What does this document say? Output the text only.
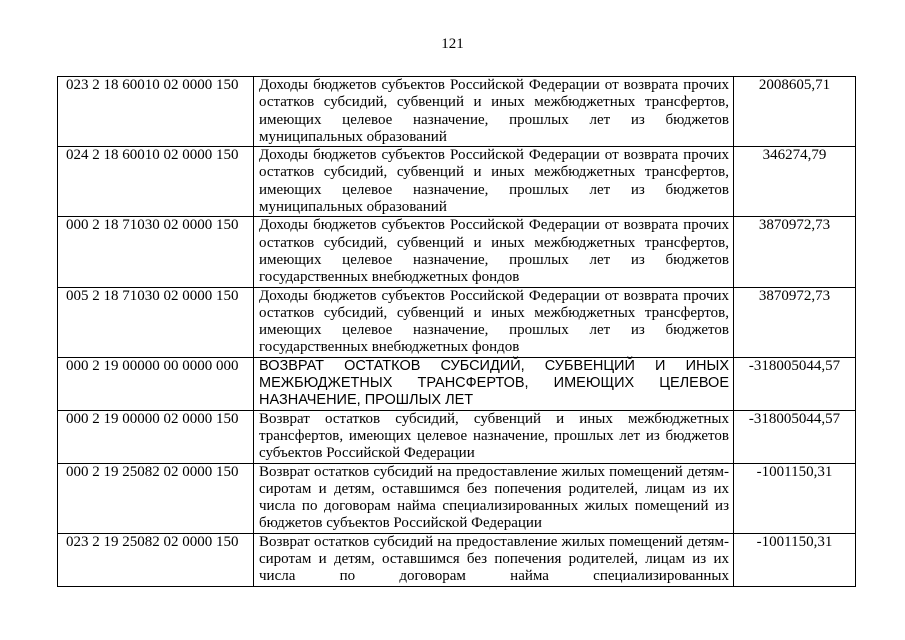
121
023 2 18 60010 02 0000 150	Доходы бюджетов субъектов Российской Федерации от возврата прочих остатков субсидий, субвенций и иных межбюджетных трансфертов, имеющих целевое назначение, прошлых лет из бюджетов муниципальных образований	2008605,71
024 2 18 60010 02 0000 150	Доходы бюджетов субъектов Российской Федерации от возврата прочих остатков субсидий, субвенций и иных межбюджетных трансфертов, имеющих целевое назначение, прошлых лет из бюджетов муниципальных образований	346274,79
000 2 18 71030 02 0000 150	Доходы бюджетов субъектов Российской Федерации от возврата прочих остатков субсидий, субвенций и иных межбюджетных трансфертов, имеющих целевое назначение, прошлых лет из бюджетов государственных внебюджетных фондов	3870972,73
005 2 18 71030 02 0000 150	Доходы бюджетов субъектов Российской Федерации от возврата прочих остатков субсидий, субвенций и иных межбюджетных трансфертов, имеющих целевое назначение, прошлых лет из бюджетов государственных внебюджетных фондов	3870972,73
000 2 19 00000 00 0000 000	ВОЗВРАТ ОСТАТКОВ СУБСИДИЙ, СУБВЕНЦИЙ И ИНЫХ МЕЖБЮДЖЕТНЫХ ТРАНСФЕРТОВ, ИМЕЮЩИХ ЦЕЛЕВОЕ НАЗНАЧЕНИЕ, ПРОШЛЫХ ЛЕТ	-318005044,57
000 2 19 00000 02 0000 150	Возврат остатков субсидий, субвенций и иных межбюджетных трансфертов, имеющих целевое назначение, прошлых лет из бюджетов субъектов Российской Федерации	-318005044,57
000 2 19 25082 02 0000 150	Возврат остатков субсидий на предоставление жилых помещений детям-сиротам и детям, оставшимся без попечения родителей, лицам из их числа по договорам найма специализированных жилых помещений из бюджетов субъектов Российской Федерации	-1001150,31
023 2 19 25082 02 0000 150	Возврат остатков субсидий на предоставление жилых помещений детям-сиротам и детям, оставшимся без попечения родителей, лицам из их числа по договорам найма специализированных	-1001150,31
